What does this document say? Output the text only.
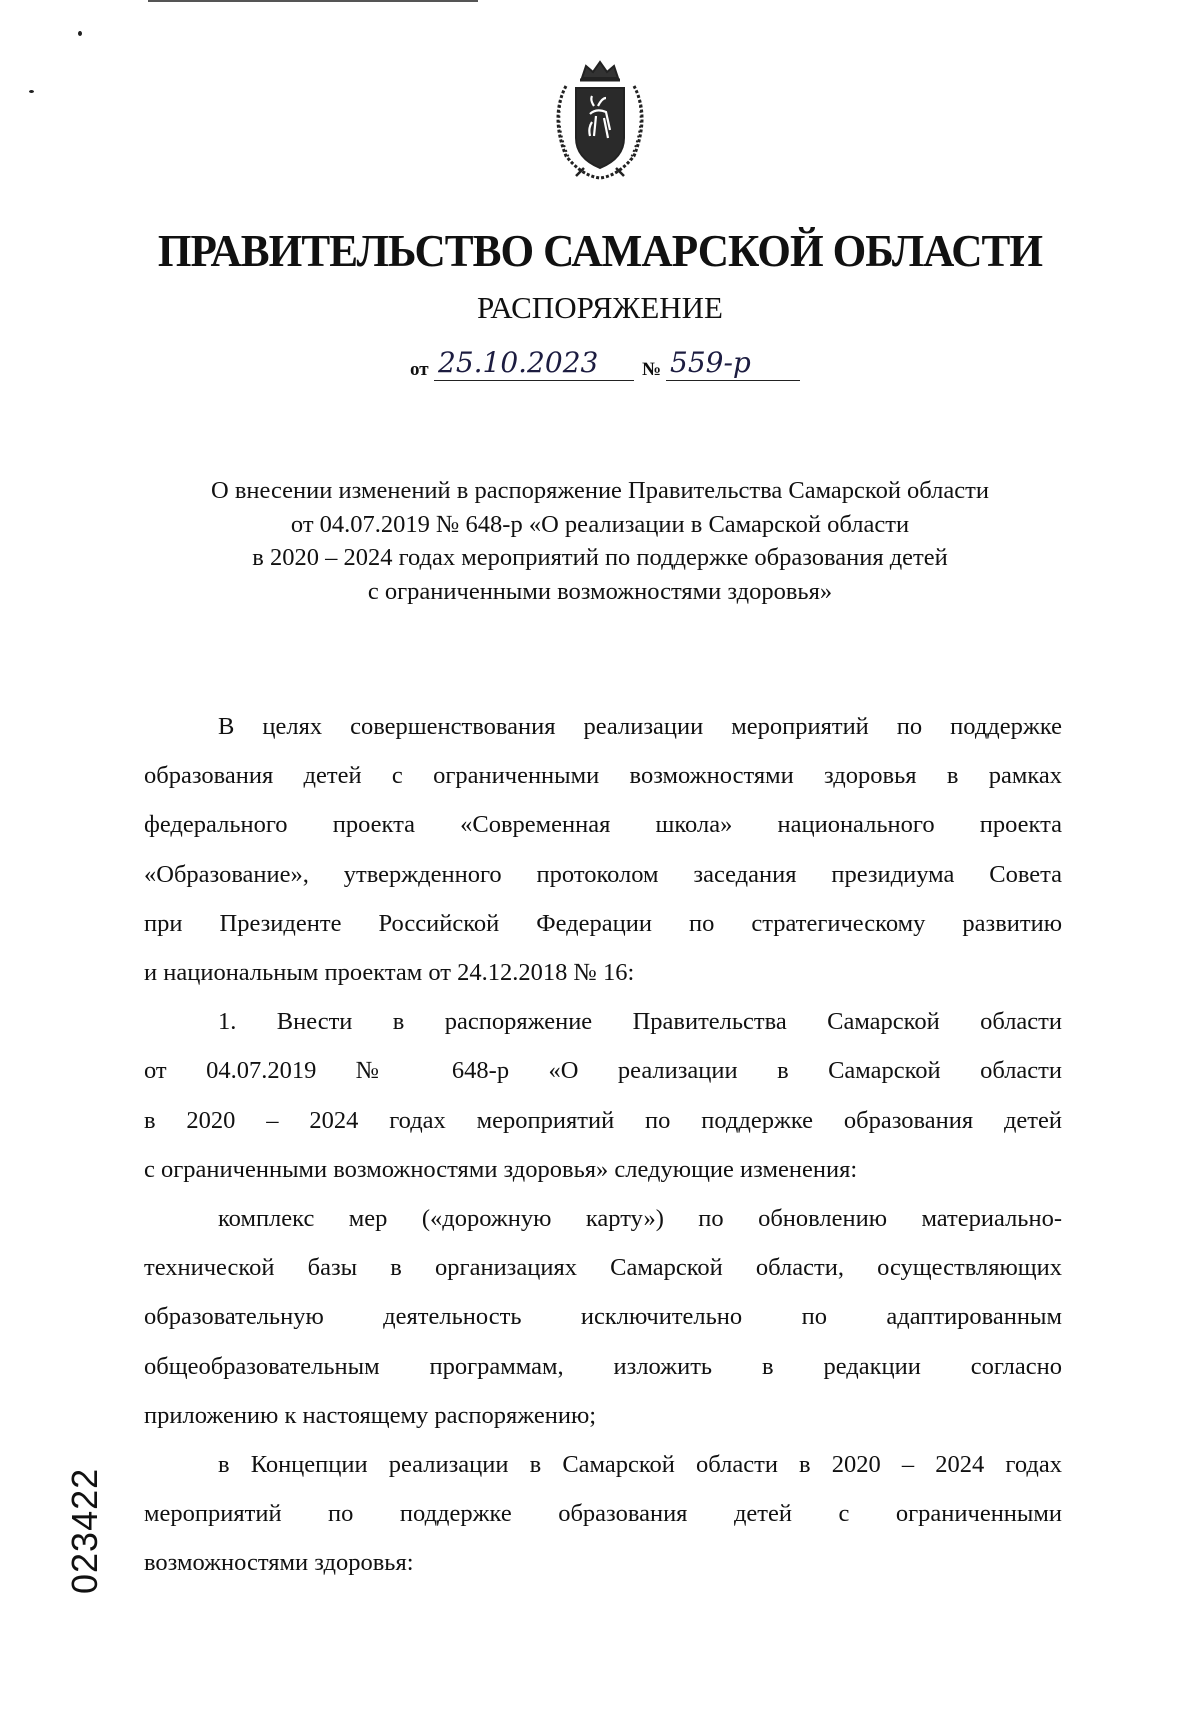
ПРАВИТЕЛЬСТВО САМАРСКОЙ ОБЛАСТИ
РАСПОРЯЖЕНИЕ
от 25.10.2023	№ 559-р
О внесении изменений в распоряжение Правительства Самарской области
от 04.07.2019 № 648-р «О реализации в Самарской области
в 2020 – 2024 годах мероприятий по поддержке образования детей
с ограниченными возможностями здоровья»

В целях совершенствования реализации мероприятий по поддержке

образования детей с ограниченными возможностями здоровья в рамках

федерального проекта «Современная школа» национального проекта

«Образование», утвержденного протоколом заседания президиума Совета

при Президенте Российской Федерации по стратегическому развитию

и национальным проектам от 24.12.2018 № 16:

1. Внести в распоряжение Правительства Самарской области

от 04.07.2019 № 648-р «О реализации в Самарской области

в 2020 – 2024 годах мероприятий по поддержке образования детей

с ограниченными возможностями здоровья» следующие изменения:

комплекс мер («дорожную карту») по обновлению материально-

технической базы в организациях Самарской области, осуществляющих

образовательную деятельность исключительно по адаптированным

общеобразовательным программам, изложить в редакции согласно

приложению к настоящему распоряжению;

в Концепции реализации в Самарской области в 2020 – 2024 годах

мероприятий по поддержке образования детей с ограниченными

возможностями здоровья:

023422
